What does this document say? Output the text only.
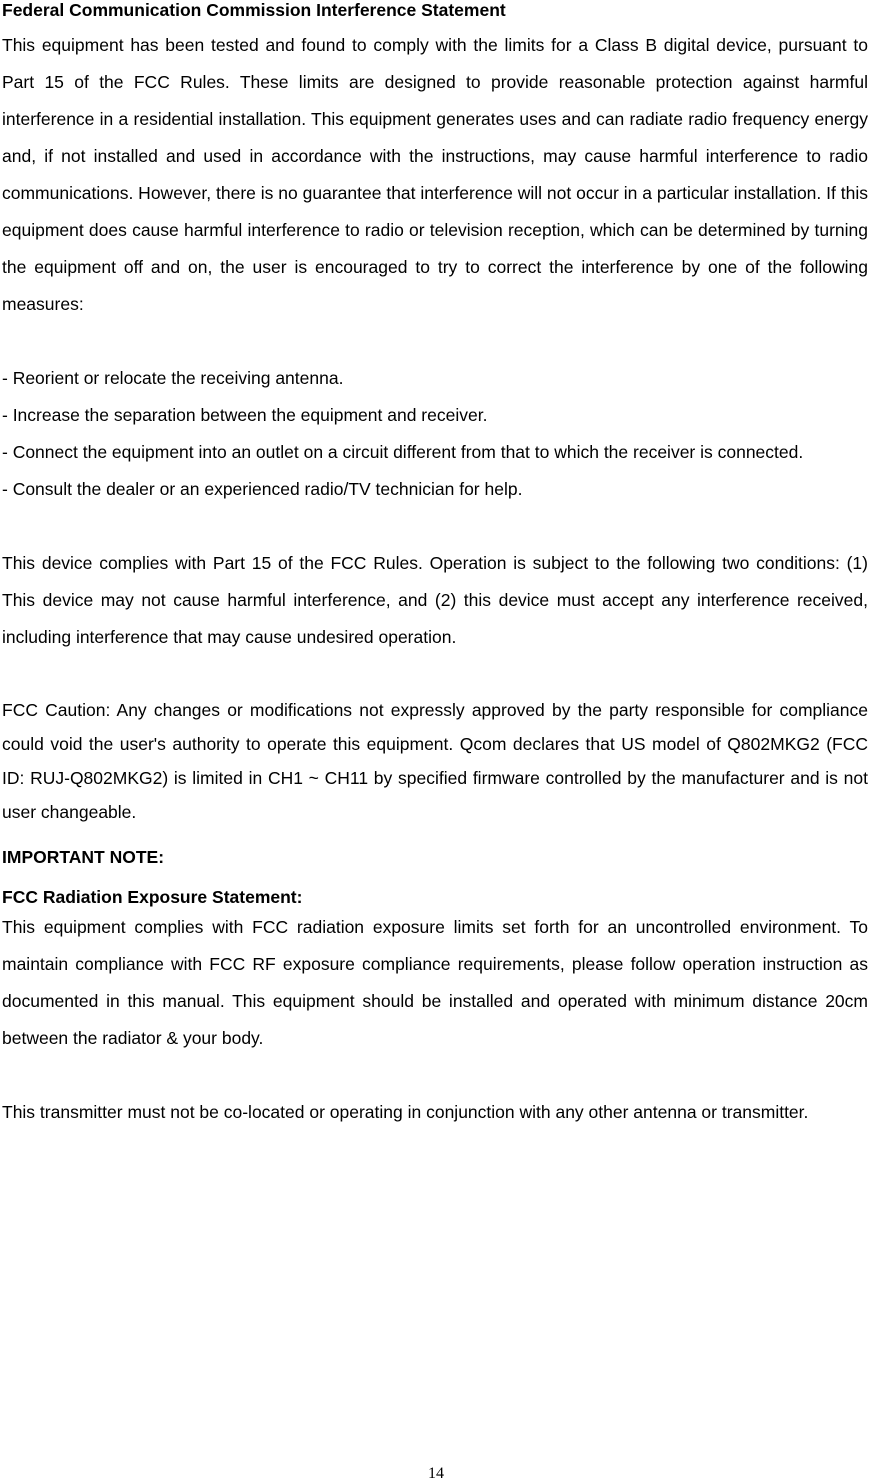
Federal Communication Commission Interference Statement

This equipment has been tested and found to comply with the limits for a Class B digital device, pursuant to Part 15 of the FCC Rules. These limits are designed to provide reasonable protection against harmful interference in a residential installation. This equipment generates uses and can radiate radio frequency energy and, if not installed and used in accordance with the instructions, may cause harmful interference to radio communications. However, there is no guarantee that interference will not occur in a particular installation. If this equipment does cause harmful interference to radio or television reception, which can be determined by turning the equipment off and on, the user is encouraged to try to correct the interference by one of the following measures:

- Reorient or relocate the receiving antenna.

- Increase the separation between the equipment and receiver.

- Connect the equipment into an outlet on a circuit different from that to which the receiver is connected.

- Consult the dealer or an experienced radio/TV technician for help.

This device complies with Part 15 of the FCC Rules. Operation is subject to the following two conditions: (1) This device may not cause harmful interference, and (2) this device must accept any interference received, including interference that may cause undesired operation.

FCC Caution: Any changes or modifications not expressly approved by the party responsible for compliance could void the user's authority to operate this equipment. Qcom declares that US model of Q802MKG2 (FCC ID: RUJ-Q802MKG2) is limited in CH1 ~ CH11 by specified firmware controlled by the manufacturer and is not user changeable.

IMPORTANT NOTE:

FCC Radiation Exposure Statement:

This equipment complies with FCC radiation exposure limits set forth for an uncontrolled environment. To maintain compliance with FCC RF exposure compliance requirements, please follow operation instruction as documented in this manual. This equipment should be installed and operated with minimum distance 20cm between the radiator & your body.

This transmitter must not be co-located or operating in conjunction with any other antenna or transmitter.

14
